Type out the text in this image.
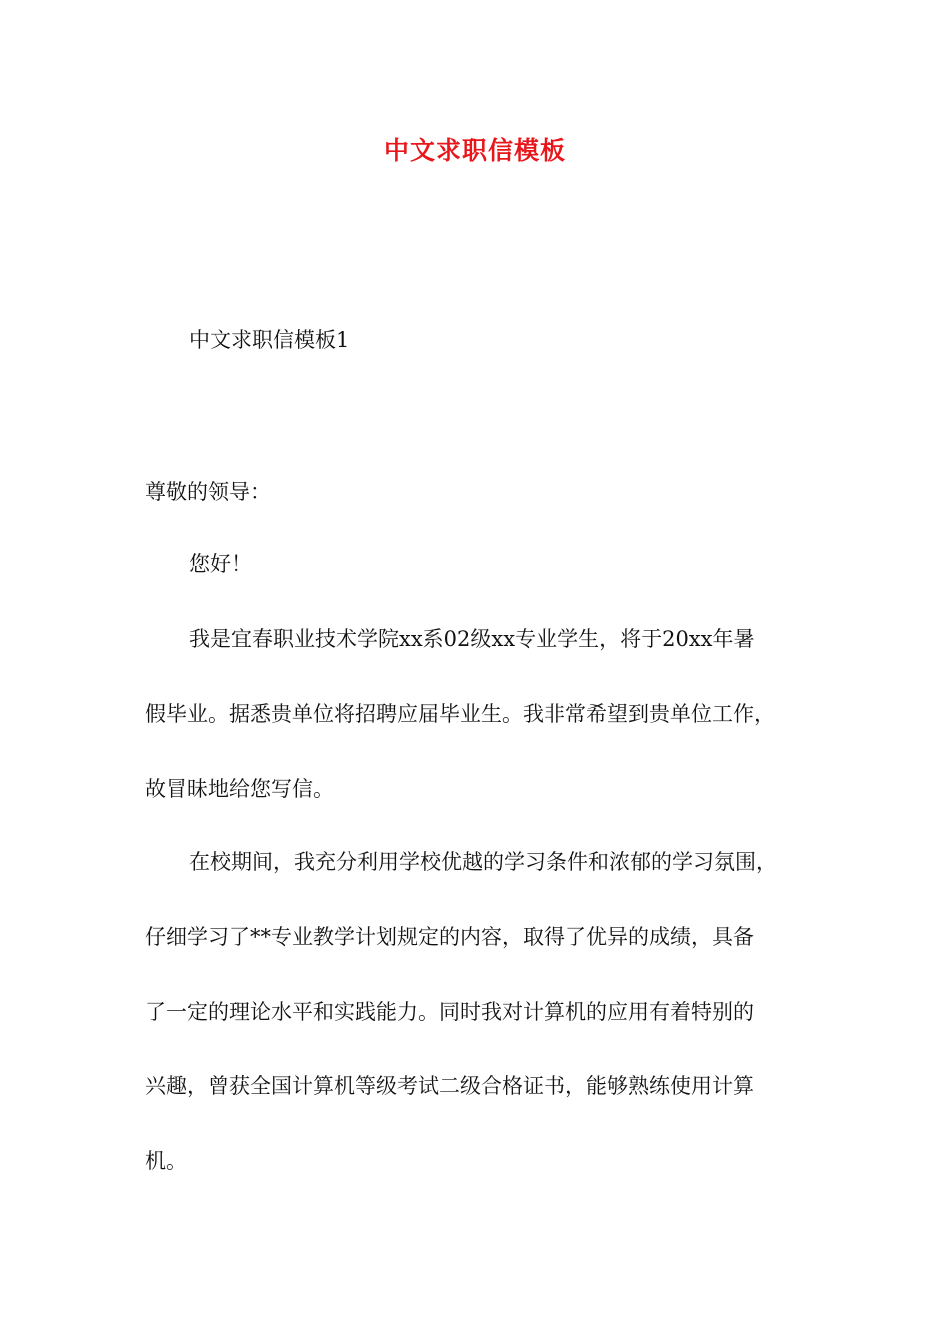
中文求职信模板

中文求职信模板1

尊敬的领导：

您好！

我是宜春职业技术学院xx系02级xx专业学生，将于20xx年暑

假毕业。据悉贵单位将招聘应届毕业生。我非常希望到贵单位工作，

故冒昧地给您写信。

在校期间，我充分利用学校优越的学习条件和浓郁的学习氛围，

仔细学习了**专业教学计划规定的内容，取得了优异的成绩，具备

了一定的理论水平和实践能力。同时我对计算机的应用有着特别的

兴趣，曾获全国计算机等级考试二级合格证书，能够熟练使用计算

机。
